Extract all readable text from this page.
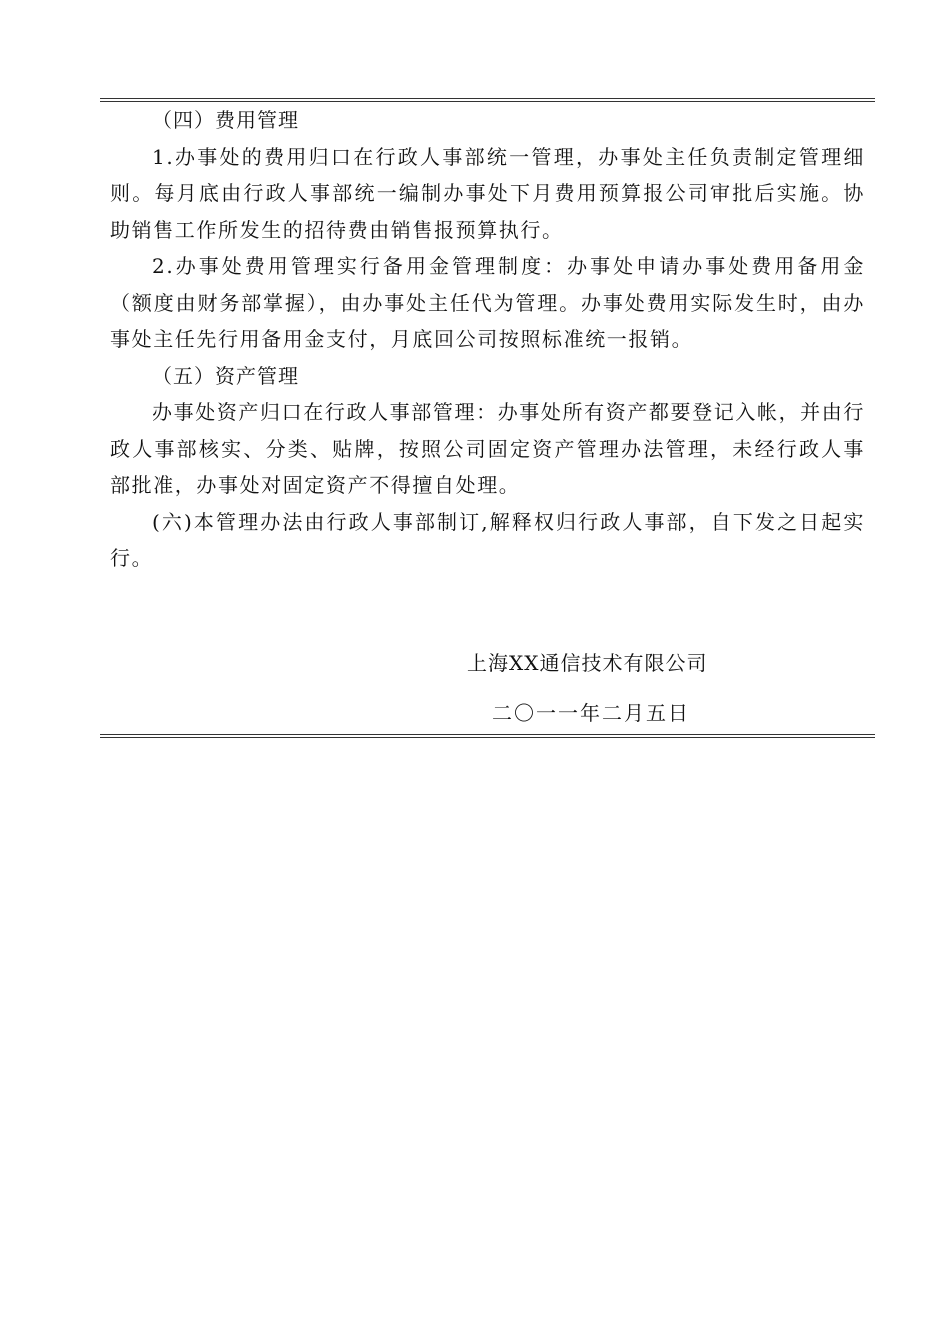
（四）费用管理

1.办事处的费用归口在行政人事部统一管理，办事处主任负责制定管理细则。每月底由行政人事部统一编制办事处下月费用预算报公司审批后实施。协助销售工作所发生的招待费由销售报预算执行。

2.办事处费用管理实行备用金管理制度：办事处申请办事处费用备用金（额度由财务部掌握），由办事处主任代为管理。办事处费用实际发生时，由办事处主任先行用备用金支付，月底回公司按照标准统一报销。

（五）资产管理

办事处资产归口在行政人事部管理：办事处所有资产都要登记入帐，并由行政人事部核实、分类、贴牌，按照公司固定资产管理办法管理，未经行政人事部批准，办事处对固定资产不得擅自处理。

(六)本管理办法由行政人事部制订,解释权归行政人事部，自下发之日起实行。

上海XX通信技术有限公司
二〇一一年二月五日
